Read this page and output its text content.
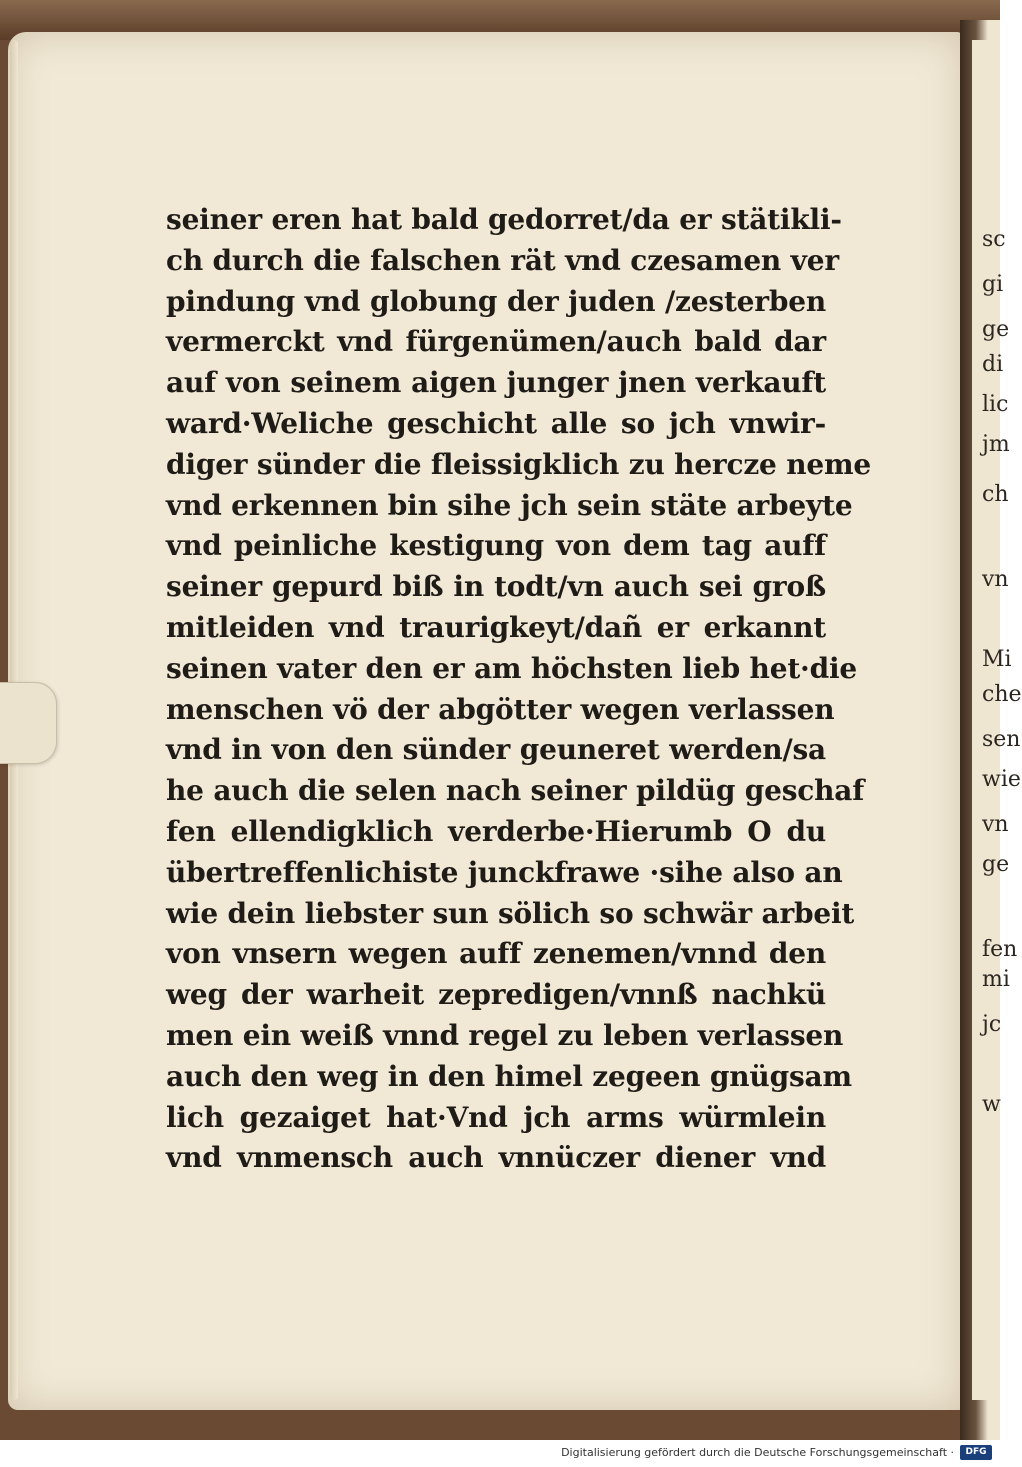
seiner eren hat bald gedorret/da er stätikli-
ch durch die falschen rät vnd czesamen ver
pindung vnd globung der juden /zesterben
vermerckt vnd fürgenümen/auch bald dar
auf von seinem aigen junger jnen verkauft
ward·Weliche geschicht alle so jch vnwir-
diger sünder die fleissigklich zu hercze neme
vnd erkennen bin sihe jch sein stäte arbeyte
vnd peinliche kestigung von dem tag auff
seiner gepurd biß in todt/vn auch sei groß
mitleiden vnd traurigkeyt/dañ er erkannt
seinen vater den er am höchsten lieb het·die
menschen vö der abgötter wegen verlassen
vnd in von den sünder geuneret werden/sa
he auch die selen nach seiner pildüg geschaf
fen ellendigklich verderbe·Hierumb O du
übertreffenlichiste junckfrawe ·sihe also an
wie dein liebster sun sölich so schwär arbeit
von vnsern wegen auff zenemen/vnnd den
weg der warheit zepredigen/vnnß nachkü
men ein weiß vnnd regel zu leben verlassen
auch den weg in den himel zegeen gnügsam
lich gezaiget hat·Vnd jch arms würmlein
vnd vnmensch auch vnnüczer diener vnd
sc
gi
ge
di
lic
jm
ch
vn
Mi
che
sen
wie
vn
ge
fen
mi
jc
w
Digitalisierung gefördert durch die Deutsche Forschungsgemeinschaft ·	DFG
